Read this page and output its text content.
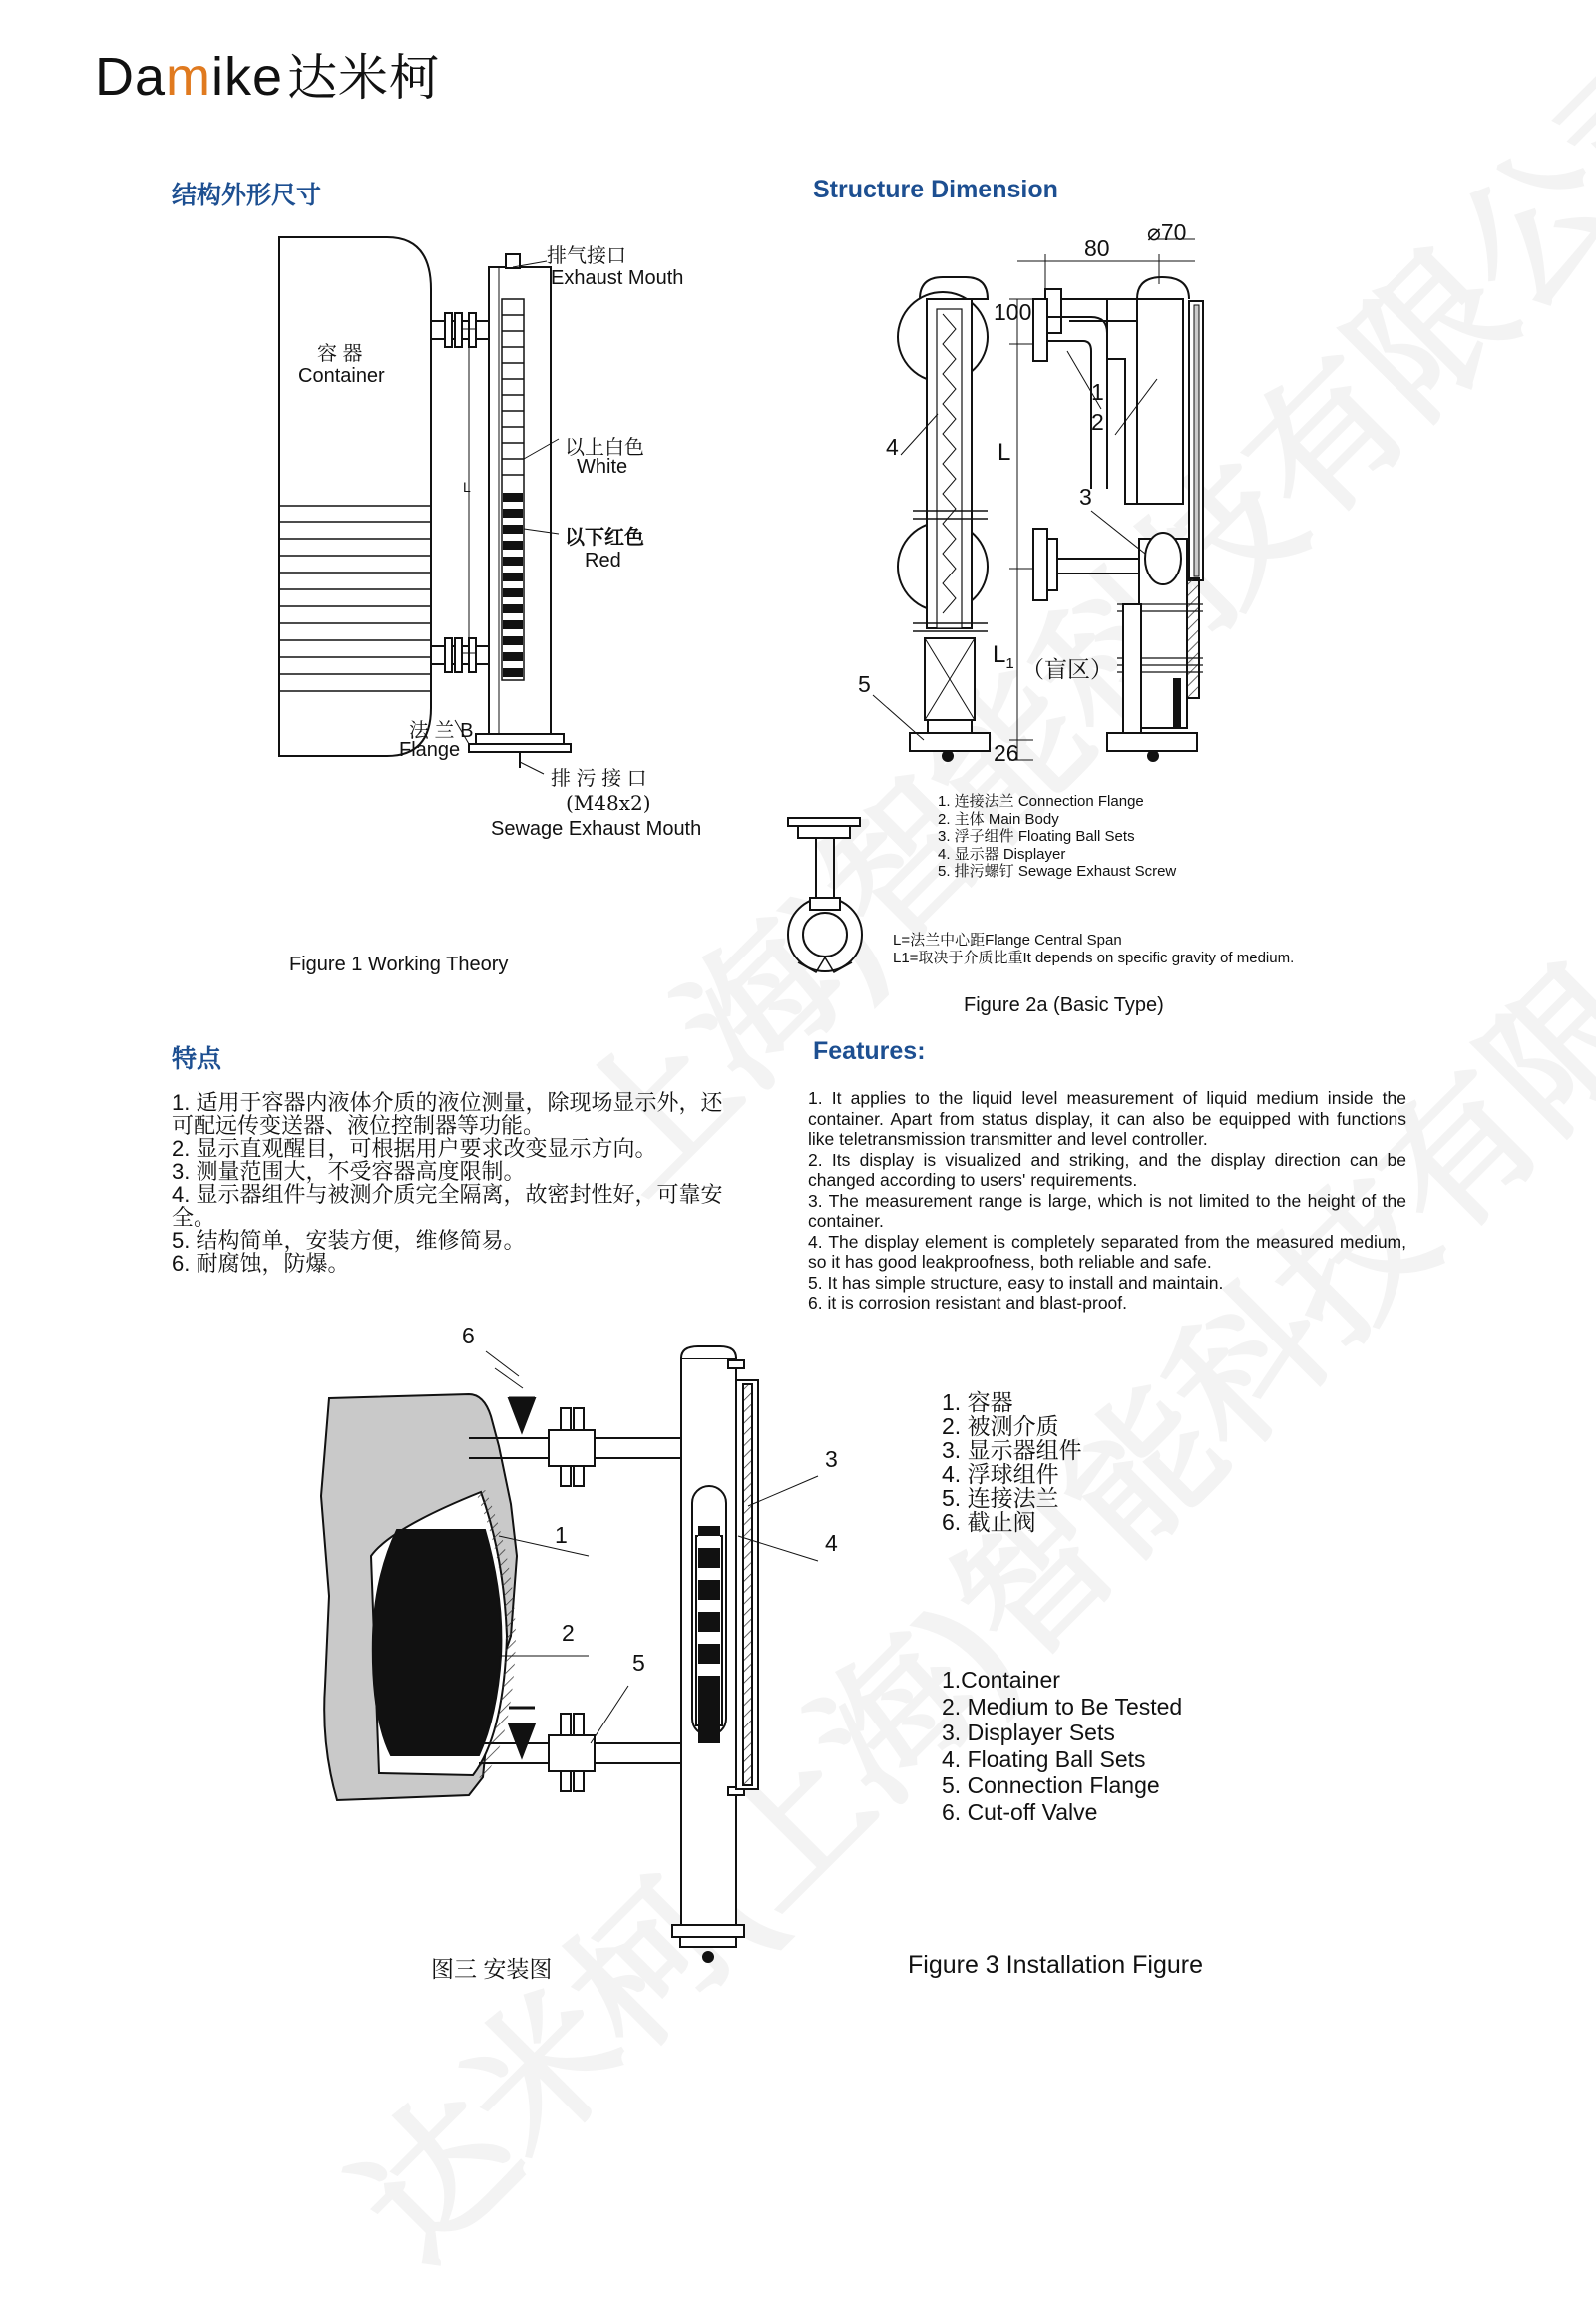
Damike达米柯
结构外形尺寸
容 器
Container
排气接口
Exhaust Mouth
以上白色
White
以下红色
Red
L
法 兰 B
Flange
排 污 接 口
(M48x2)
Sewage Exhaust Mouth
Figure 1 Working Theory
Structure Dimension
80
⌀70
100
L
$L_1$ （盲区）
26
1
2
3
4
5
1. 连接法兰 Connection Flange
2. 主体 Main Body
3. 浮子组件 Floating Ball Sets
4. 显示器 Displayer
5. 排污螺钉 Sewage Exhaust Screw
L=法兰中心距Flange Central Span
L1=取决于介质比重It depends on specific gravity of medium.
Figure 2a (Basic Type)
特点
1. 适用于容器内液体介质的液位测量，除现场显示外，还可配远传变送器、液位控制器等功能。
2. 显示直观醒目，可根据用户要求改变显示方向。
3. 测量范围大，不受容器高度限制。
4. 显示器组件与被测介质完全隔离，故密封性好，可靠安全。
5. 结构简单，安装方便，维修简易。
6. 耐腐蚀，防爆。
Features:
1. It applies to the liquid level measurement of liquid medium inside the container. Apart from status display, it can also be equipped with functions like teletransmission transmitter and level controller.
2. Its display is visualized and striking, and the display direction can be changed according to users' requirements.
3. The measurement range is large, which is not limited to the height of the container.
4. The display element is completely separated from the measured medium, so it has good leakproofness, both reliable and safe.
5. It has simple structure, easy to install and maintain.
6. it is corrosion resistant and blast-proof.
6
1
2
5
3
4
1. 容器
2. 被测介质
3. 显示器组件
4. 浮球组件
5. 连接法兰
6. 截止阀
1.Container
2. Medium to Be Tested
3. Displayer Sets
4. Floating Ball Sets
5. Connection Flange
6. Cut-off Valve
图三 安装图	Figure 3 Installation Figure
